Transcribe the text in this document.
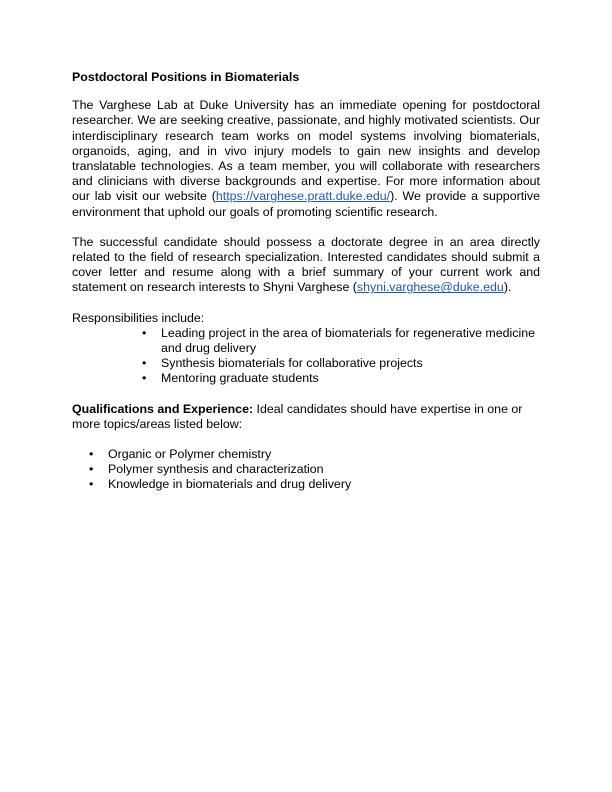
Postdoctoral Positions in Biomaterials

The Varghese Lab at Duke University has an immediate opening for postdoctoral researcher. We are seeking creative, passionate, and highly motivated scientists. Our interdisciplinary research team works on model systems involving biomaterials, organoids, aging, and in vivo injury models to gain new insights and develop translatable technologies. As a team member, you will collaborate with researchers and clinicians with diverse backgrounds and expertise. For more information about our lab visit our website (https://varghese.pratt.duke.edu/). We provide a supportive environment that uphold our goals of promoting scientific research.

The successful candidate should possess a doctorate degree in an area directly related to the field of research specialization. Interested candidates should submit a cover letter and resume along with a brief summary of your current work and statement on research interests to Shyni Varghese (shyni.varghese@duke.edu).

Responsibilities include:

• Leading project in the area of biomaterials for regenerative medicine and drug delivery
• Synthesis biomaterials for collaborative projects
• Mentoring graduate students

Qualifications and Experience: Ideal candidates should have expertise in one or more topics/areas listed below:

• Organic or Polymer chemistry
• Polymer synthesis and characterization
• Knowledge in biomaterials and drug delivery
